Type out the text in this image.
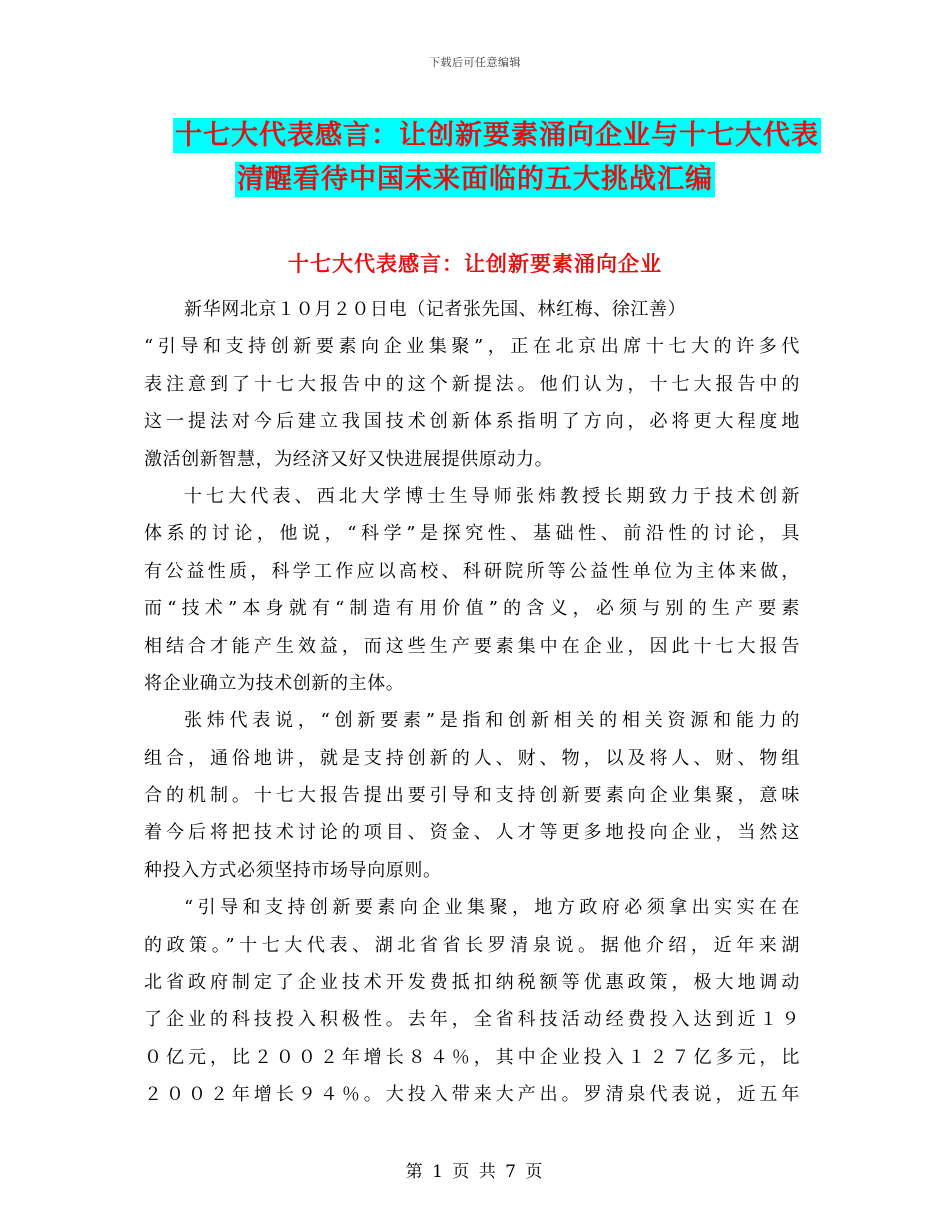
下载后可任意编辑
十七大代表感言：让创新要素涌向企业与十七大代表
清醒看待中国未来面临的五大挑战汇编
十七大代表感言：让创新要素涌向企业
新华网北京１０月２０日电（记者张先国、林红梅、徐江善）
“引导和支持创新要素向企业集聚”，正在北京出席十七大的许多代
表注意到了十七大报告中的这个新提法。他们认为，十七大报告中的
这一提法对今后建立我国技术创新体系指明了方向，必将更大程度地
激活创新智慧，为经济又好又快进展提供原动力。
十七大代表、西北大学博士生导师张炜教授长期致力于技术创新
体系的讨论，他说，“科学”是探究性、基础性、前沿性的讨论，具
有公益性质，科学工作应以高校、科研院所等公益性单位为主体来做，
而“技术”本身就有“制造有用价值”的含义，必须与别的生产要素
相结合才能产生效益，而这些生产要素集中在企业，因此十七大报告
将企业确立为技术创新的主体。
张炜代表说，“创新要素”是指和创新相关的相关资源和能力的
组合，通俗地讲，就是支持创新的人、财、物，以及将人、财、物组
合的机制。十七大报告提出要引导和支持创新要素向企业集聚，意味
着今后将把技术讨论的项目、资金、人才等更多地投向企业，当然这
种投入方式必须坚持市场导向原则。
“引导和支持创新要素向企业集聚，地方政府必须拿出实实在在
的政策。”十七大代表、湖北省省长罗清泉说。据他介绍，近年来湖
北省政府制定了企业技术开发费抵扣纳税额等优惠政策，极大地调动
了企业的科技投入积极性。去年，全省科技活动经费投入达到近１９
０亿元，比２００２年增长８４％，其中企业投入１２７亿多元，比
２００２年增长９４％。大投入带来大产出。罗清泉代表说，近五年
第 1 页 共 7 页
